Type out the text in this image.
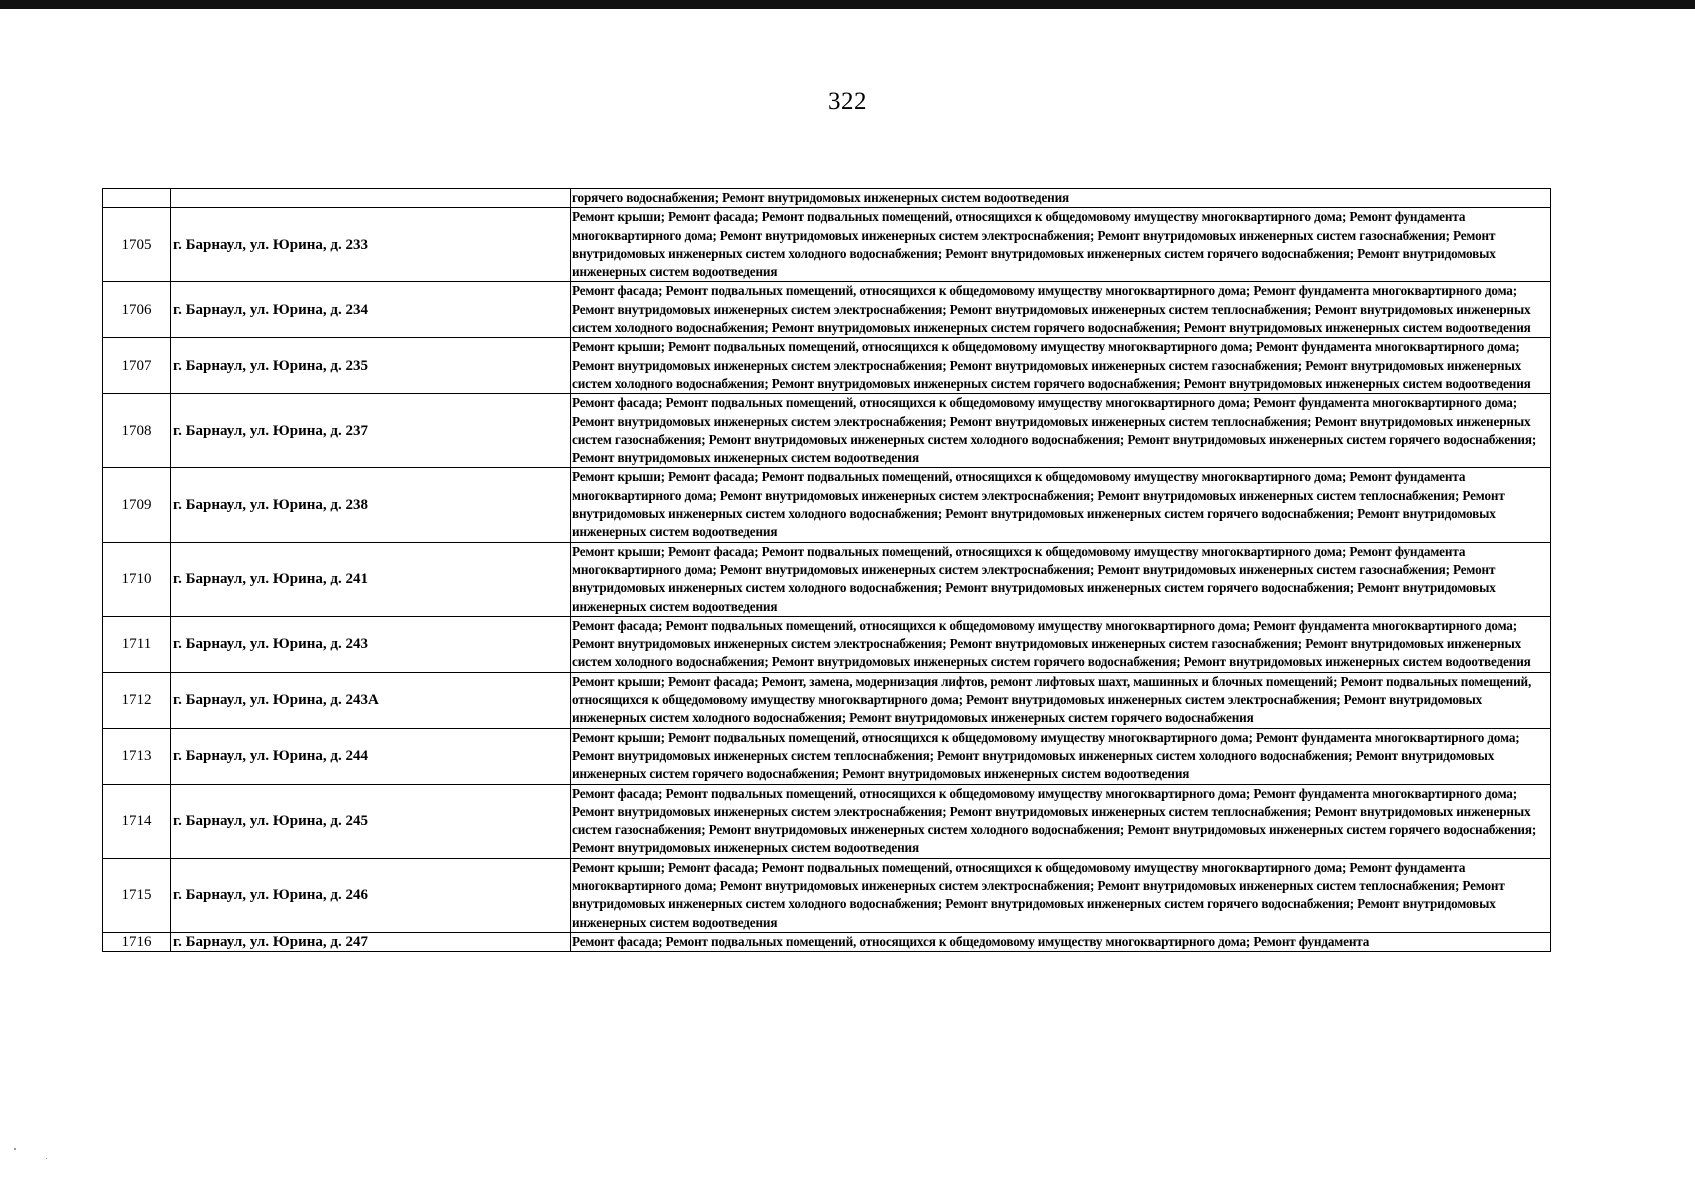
322
		горячего водоснабжения; Ремонт внутридомовых инженерных систем водоотведения
1705	г. Барнаул, ул. Юрина, д. 233	Ремонт крыши; Ремонт фасада; Ремонт подвальных помещений, относящихся к общедомовому имуществу многоквартирного дома; Ремонт фундамента многоквартирного дома; Ремонт внутридомовых инженерных систем электроснабжения; Ремонт внутридомовых инженерных систем газоснабжения; Ремонт внутридомовых инженерных систем холодного водоснабжения; Ремонт внутридомовых инженерных систем горячего водоснабжения; Ремонт внутридомовых инженерных систем водоотведения
1706	г. Барнаул, ул. Юрина, д. 234	Ремонт фасада; Ремонт подвальных помещений, относящихся к общедомовому имуществу многоквартирного дома; Ремонт фундамента многоквартирного дома; Ремонт внутридомовых инженерных систем электроснабжения; Ремонт внутридомовых инженерных систем теплоснабжения; Ремонт внутридомовых инженерных систем холодного водоснабжения; Ремонт внутридомовых инженерных систем горячего водоснабжения; Ремонт внутридомовых инженерных систем водоотведения
1707	г. Барнаул, ул. Юрина, д. 235	Ремонт крыши; Ремонт подвальных помещений, относящихся к общедомовому имуществу многоквартирного дома; Ремонт фундамента многоквартирного дома; Ремонт внутридомовых инженерных систем электроснабжения; Ремонт внутридомовых инженерных систем газоснабжения; Ремонт внутридомовых инженерных систем холодного водоснабжения; Ремонт внутридомовых инженерных систем горячего водоснабжения; Ремонт внутридомовых инженерных систем водоотведения
1708	г. Барнаул, ул. Юрина, д. 237	Ремонт фасада; Ремонт подвальных помещений, относящихся к общедомовому имуществу многоквартирного дома; Ремонт фундамента многоквартирного дома; Ремонт внутридомовых инженерных систем электроснабжения; Ремонт внутридомовых инженерных систем теплоснабжения; Ремонт внутридомовых инженерных систем газоснабжения; Ремонт внутридомовых инженерных систем холодного водоснабжения; Ремонт внутридомовых инженерных систем горячего водоснабжения; Ремонт внутридомовых инженерных систем водоотведения
1709	г. Барнаул, ул. Юрина, д. 238	Ремонт крыши; Ремонт фасада; Ремонт подвальных помещений, относящихся к общедомовому имуществу многоквартирного дома; Ремонт фундамента многоквартирного дома; Ремонт внутридомовых инженерных систем электроснабжения; Ремонт внутридомовых инженерных систем теплоснабжения; Ремонт внутридомовых инженерных систем холодного водоснабжения; Ремонт внутридомовых инженерных систем горячего водоснабжения; Ремонт внутридомовых инженерных систем водоотведения
1710	г. Барнаул, ул. Юрина, д. 241	Ремонт крыши; Ремонт фасада; Ремонт подвальных помещений, относящихся к общедомовому имуществу многоквартирного дома; Ремонт фундамента многоквартирного дома; Ремонт внутридомовых инженерных систем электроснабжения; Ремонт внутридомовых инженерных систем газоснабжения; Ремонт внутридомовых инженерных систем холодного водоснабжения; Ремонт внутридомовых инженерных систем горячего водоснабжения; Ремонт внутридомовых инженерных систем водоотведения
1711	г. Барнаул, ул. Юрина, д. 243	Ремонт фасада; Ремонт подвальных помещений, относящихся к общедомовому имуществу многоквартирного дома; Ремонт фундамента многоквартирного дома; Ремонт внутридомовых инженерных систем электроснабжения; Ремонт внутридомовых инженерных систем газоснабжения; Ремонт внутридомовых инженерных систем холодного водоснабжения; Ремонт внутридомовых инженерных систем горячего водоснабжения; Ремонт внутридомовых инженерных систем водоотведения
1712	г. Барнаул, ул. Юрина, д. 243А	Ремонт крыши; Ремонт фасада; Ремонт, замена, модернизация лифтов, ремонт лифтовых шахт, машинных и блочных помещений; Ремонт подвальных помещений, относящихся к общедомовому имуществу многоквартирного дома; Ремонт внутридомовых инженерных систем электроснабжения; Ремонт внутридомовых инженерных систем холодного водоснабжения; Ремонт внутридомовых инженерных систем горячего водоснабжения
1713	г. Барнаул, ул. Юрина, д. 244	Ремонт крыши; Ремонт подвальных помещений, относящихся к общедомовому имуществу многоквартирного дома; Ремонт фундамента многоквартирного дома; Ремонт внутридомовых инженерных систем теплоснабжения; Ремонт внутридомовых инженерных систем холодного водоснабжения; Ремонт внутридомовых инженерных систем горячего водоснабжения; Ремонт внутридомовых инженерных систем водоотведения
1714	г. Барнаул, ул. Юрина, д. 245	Ремонт фасада; Ремонт подвальных помещений, относящихся к общедомовому имуществу многоквартирного дома; Ремонт фундамента многоквартирного дома; Ремонт внутридомовых инженерных систем электроснабжения; Ремонт внутридомовых инженерных систем теплоснабжения; Ремонт внутридомовых инженерных систем газоснабжения; Ремонт внутридомовых инженерных систем холодного водоснабжения; Ремонт внутридомовых инженерных систем горячего водоснабжения; Ремонт внутридомовых инженерных систем водоотведения
1715	г. Барнаул, ул. Юрина, д. 246	Ремонт крыши; Ремонт фасада; Ремонт подвальных помещений, относящихся к общедомовому имуществу многоквартирного дома; Ремонт фундамента многоквартирного дома; Ремонт внутридомовых инженерных систем электроснабжения; Ремонт внутридомовых инженерных систем теплоснабжения; Ремонт внутридомовых инженерных систем холодного водоснабжения; Ремонт внутридомовых инженерных систем горячего водоснабжения; Ремонт внутридомовых инженерных систем водоотведения
1716	г. Барнаул, ул. Юрина, д. 247	Ремонт фасада; Ремонт подвальных помещений, относящихся к общедомовому имуществу многоквартирного дома; Ремонт фундамента
